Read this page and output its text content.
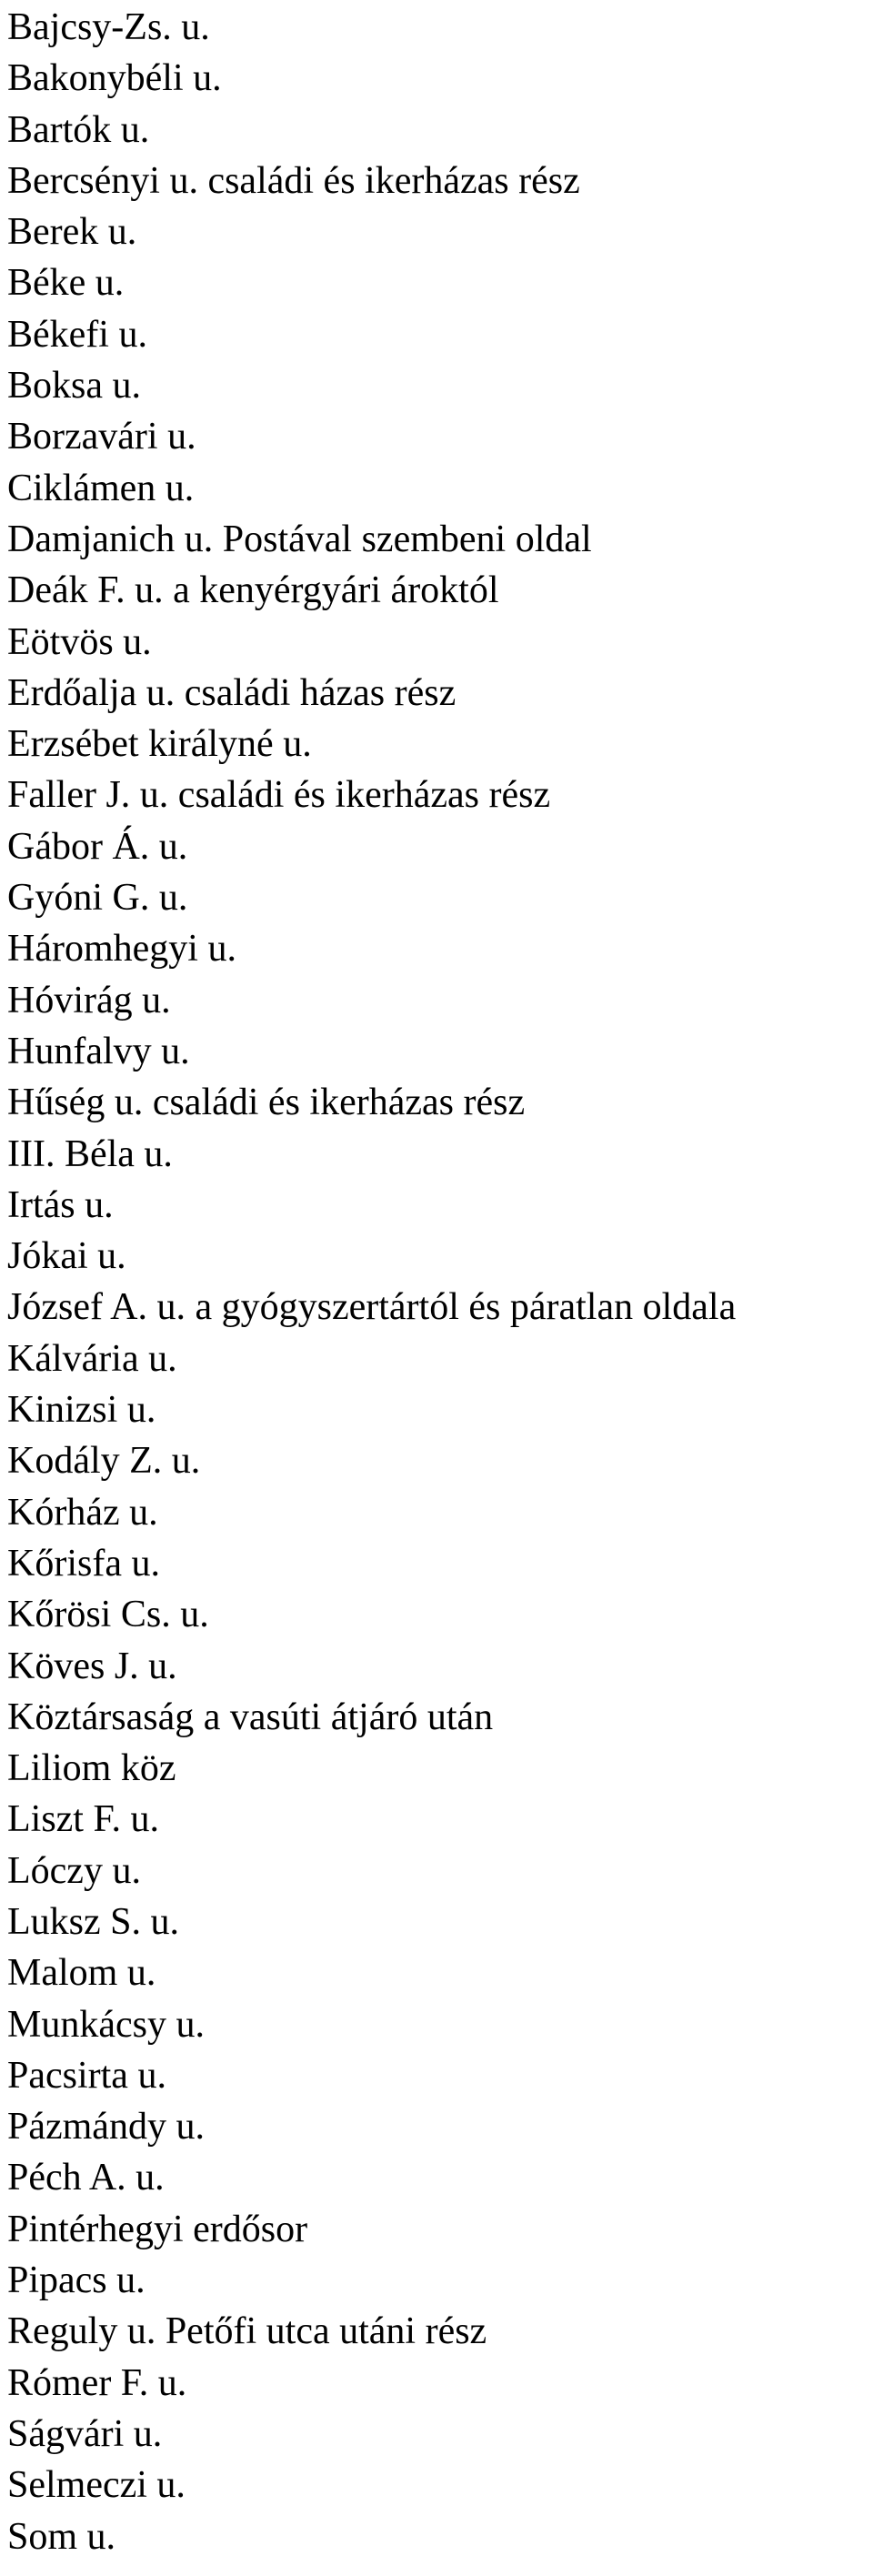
Bajcsy-Zs. u.
Bakonybéli u.
Bartók u.
Bercsényi u. családi és ikerházas rész
Berek u.
Béke u.
Békefi u.
Boksa u.
Borzavári u.
Ciklámen u.
Damjanich u. Postával szembeni oldal
Deák F. u. a kenyérgyári ároktól
Eötvös u.
Erdőalja u. családi házas rész
Erzsébet királyné u.
Faller J. u. családi és ikerházas rész
Gábor Á. u.
Gyóni G. u.
Háromhegyi u.
Hóvirág u.
Hunfalvy u.
Hűség u. családi és ikerházas rész
III. Béla u.
Irtás u.
Jókai u.
József A. u. a gyógyszertártól és páratlan oldala
Kálvária u.
Kinizsi u.
Kodály Z. u.
Kórház u.
Kőrisfa u.
Kőrösi Cs. u.
Köves J. u.
Köztársaság a vasúti átjáró után
Liliom köz
Liszt F. u.
Lóczy u.
Luksz S. u.
Malom u.
Munkácsy u.
Pacsirta u.
Pázmándy u.
Péch A. u.
Pintérhegyi erdősor
Pipacs u.
Reguly u. Petőfi utca utáni rész
Rómer F. u.
Ságvári u.
Selmeczi u.
Som u.
